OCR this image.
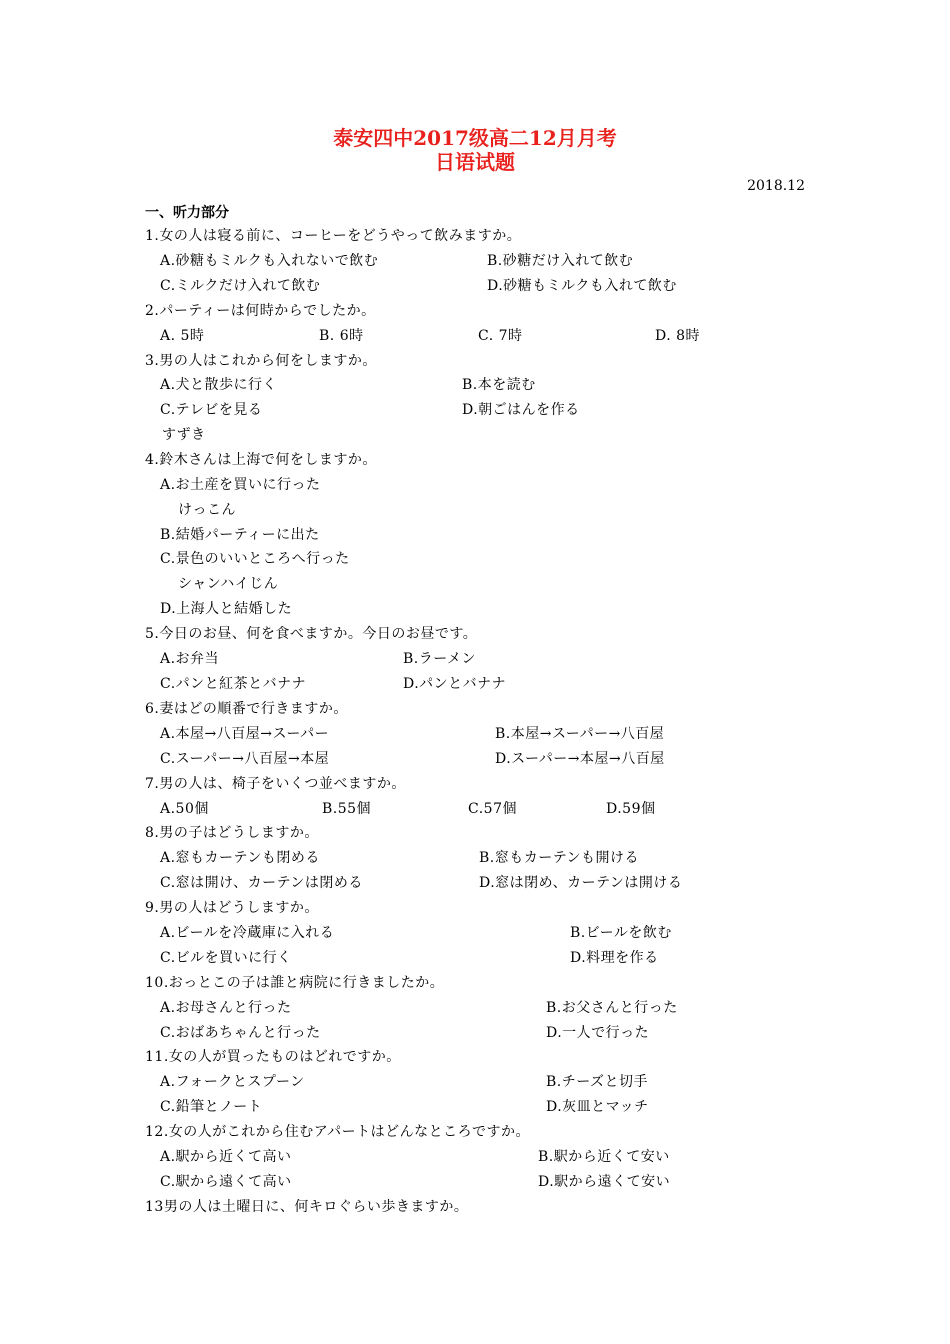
泰安四中2017级高二12月月考
日语试题
2018.12
一、听力部分
1.女の人は寝る前に、コーヒーをどうやって飲みますか。
A.砂糖もミルクも入れないで飲む	B.砂糖だけ入れて飲む
C.ミルクだけ入れて飲む	D.砂糖もミルクも入れて飲む
2.パーティーは何時からでしたか。
A. 5時	B. 6時	C. 7時	D. 8時
3.男の人はこれから何をしますか。
A.犬と散歩に行く	B.本を読む
C.テレビを見る	D.朝ごはんを作る
すずき
4.鈴木さんは上海で何をしますか。
A.お土産を買いに行った
けっこん
B.結婚パーティーに出た
C.景色のいいところへ行った
シャンハイじん
D.上海人と結婚した
5.今日のお昼、何を食べますか。今日のお昼です。
A.お弁当	B.ラーメン
C.パンと紅茶とバナナ	D.パンとバナナ
6.妻はどの順番で行きますか。
A.本屋→八百屋→スーパー	B.本屋→スーパー→八百屋
C.スーパー→八百屋→本屋	D.スーパー→本屋→八百屋
7.男の人は、椅子をいくつ並べますか。
A.50個	B.55個	C.57個	D.59個
8.男の子はどうしますか。
A.窓もカーテンも閉める	B.窓もカーテンも開ける
C.窓は開け、カーテンは閉める	D.窓は閉め、カーテンは開ける
9.男の人はどうしますか。
A.ビールを冷蔵庫に入れる	B.ビールを飲む
C.ビルを買いに行く	D.料理を作る
10.おっとこの子は誰と病院に行きましたか。
A.お母さんと行った	B.お父さんと行った
C.おばあちゃんと行った	D.一人で行った
11.女の人が買ったものはどれですか。
A.フォークとスプーン	B.チーズと切手
C.鉛筆とノート	D.灰皿とマッチ
12.女の人がこれから住むアパートはどんなところですか。
A.駅から近くて高い	B.駅から近くて安い
C.駅から遠くて高い	D.駅から遠くて安い
13男の人は土曜日に、何キロぐらい歩きますか。
